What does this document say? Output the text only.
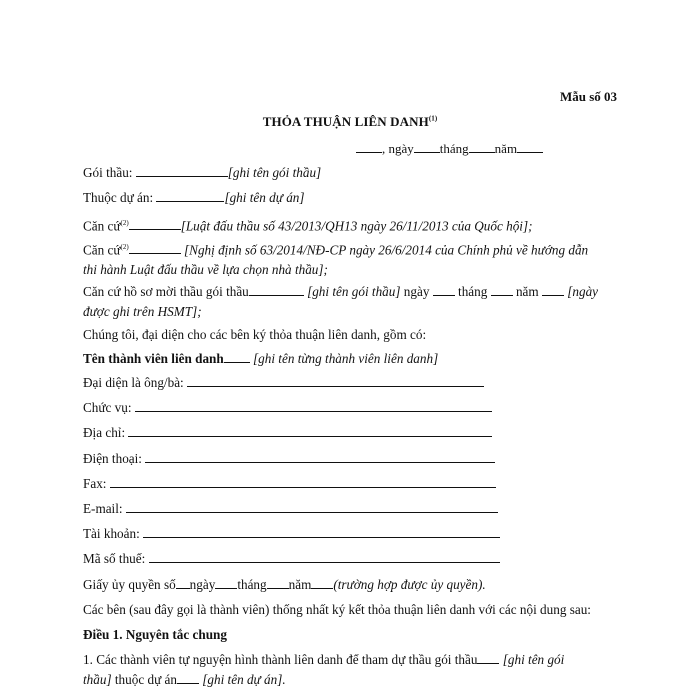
Mẫu số 03
THỎA THUẬN LIÊN DANH$^{(1)}$
, ngày tháng năm
Gói thầu:	[ghi tên gói thầu]
Thuộc dự án:	[ghi tên dự án]
Căn cứ$^{(2)}$	[Luật đấu thầu số 43/2013/QH13 ngày 26/11/2013 của Quốc hội];
Căn cứ$^{(2)}$	[Nghị định số 63/2014/NĐ-CP ngày 26/6/2014 của Chính phủ về hướng dẫn
thi hành Luật đấu thầu về lựa chọn nhà thầu];
Căn cứ hồ sơ mời thầu gói thầu	[ghi tên gói thầu] ngày  tháng  năm  [ngày
được ghi trên HSMT];
Chúng tôi, đại diện cho các bên ký thỏa thuận liên danh, gồm có:
Tên thành viên liên danh [ghi tên từng thành viên liên danh]
Đại diện là ông/bà:
Chức vụ:
Địa chỉ:
Điện thoại:
Fax:
E-mail:
Tài khoản:
Mã số thuế:
Giấy ủy quyền số ngày tháng năm (trường hợp được ủy quyền).
Các bên (sau đây gọi là thành viên) thống nhất ký kết thỏa thuận liên danh với các nội dung sau:
Điều 1. Nguyên tắc chung
1. Các thành viên tự nguyện hình thành liên danh để tham dự thầu gói thầu [ghi tên gói
thầu] thuộc dự án [ghi tên dự án].
